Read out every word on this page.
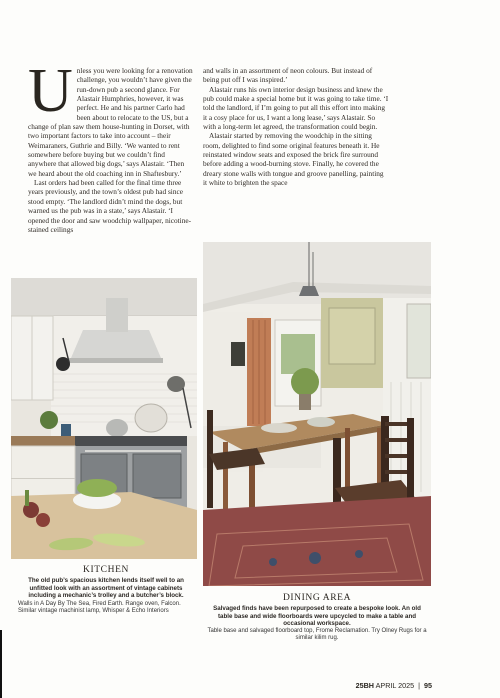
U nless you were looking for a renovation challenge, you wouldn’t have given the run-down pub a second glance. For Alastair Humphries, however, it was perfect. He and his partner Carlo had been about to relocate to the US, but a change of plan saw them house-hunting in Dorset, with two important factors to take into account – their Weimaraners, Guthrie and Billy. ‘We wanted to rent somewhere before buying but we couldn’t find anywhere that allowed big dogs,’ says Alastair. ‘Then we heard about the old coaching inn in Shaftesbury.’

Last orders had been called for the final time three years previously, and the town’s oldest pub had since stood empty. ‘The landlord didn’t mind the dogs, but warned us the pub was in a state,’ says Alastair. ‘I opened the door and saw woodchip wallpaper, nicotine-stained ceilings

and walls in an assortment of neon colours. But instead of being put off I was inspired.’

Alastair runs his own interior design business and knew the pub could make a special home but it was going to take time. ‘I told the landlord, if I’m going to put all this effort into making it a cosy place for us, I want a long lease,’ says Alastair. So with a long-term let agreed, the transformation could begin.

Alastair started by removing the woodchip in the sitting room, delighted to find some original features beneath it. He reinstated window seats and exposed the brick fire surround before adding a wood-burning stove. Finally, he covered the dreary stone walls with tongue and groove panelling, painting it white to brighten the space

KITCHEN
The old pub’s spacious kitchen lends itself well to an unfitted look with an assortment of vintage cabinets including a mechanic’s trolley and a butcher’s block.
Walls in A Day By The Sea, Fired Earth. Range oven, Falcon. Similar vintage machinist lamp, Whisper & Echo Interiors
DINING AREA
Salvaged finds have been repurposed to create a bespoke look. An old table base and wide floorboards were upcycled to make a table and occasional workspace.
Table base and salvaged floorboard top, Frome Reclamation. Try Olney Rugs for a similar kilim rug.
25BH APRIL 2025 | 95
